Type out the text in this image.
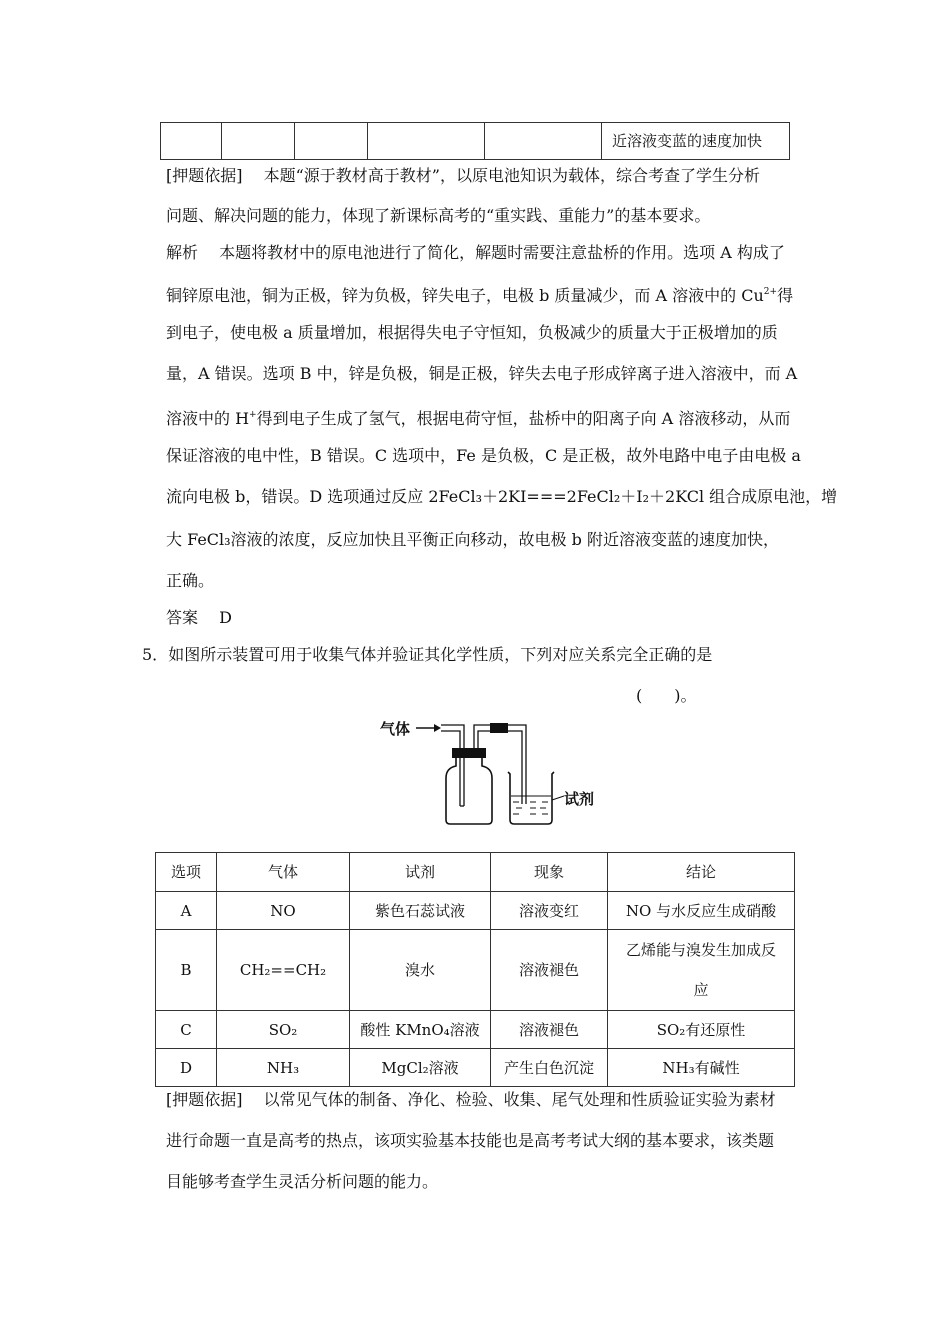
					近溶液变蓝的速度加快
[押题依据] 本题“源于教材高于教材”，以原电池知识为载体，综合考查了学生分析
问题、解决问题的能力，体现了新课标高考的“重实践、重能力”的基本要求。
解析 本题将教材中的原电池进行了简化，解题时需要注意盐桥的作用。选项 A 构成了
铜锌原电池，铜为正极，锌为负极，锌失电子，电极 b 质量减少，而 A 溶液中的 $Cu^{2+}$得
到电子，使电极 a 质量增加，根据得失电子守恒知，负极减少的质量大于正极增加的质
量，A 错误。选项 B 中，锌是负极，铜是正极，锌失去电子形成锌离子进入溶液中，而 A
溶液中的 H+得到电子生成了氢气，根据电荷守恒，盐桥中的阳离子向 A 溶液移动，从而
保证溶液的电中性，B 错误。C 选项中，Fe 是负极，C 是正极，故外电路中电子由电极 a
流向电极 b，错误。D 选项通过反应 2FeCl₃＋2KI===2FeCl₂＋I₂＋2KCl 组合成原电池，增
大 FeCl₃溶液的浓度，反应加快且平衡正向移动，故电极 b 附近溶液变蓝的速度加快，
正确。
答案 D
5．如图所示装置可用于收集气体并验证其化学性质，下列对应关系完全正确的是
(　　)。
气体
试剂
选项	气体	试剂	现象	结论
A	NO	紫色石蕊试液	溶液变红	NO 与水反应生成硝酸
B	CH₂==CH₂	溴水	溶液褪色	乙烯能与溴发生加成反应
C	SO₂	酸性 KMnO₄溶液	溶液褪色	SO₂有还原性
D	NH₃	MgCl₂溶液	产生白色沉淀	NH₃有碱性
[押题依据] 以常见气体的制备、净化、检验、收集、尾气处理和性质验证实验为素材
进行命题一直是高考的热点，该项实验基本技能也是高考考试大纲的基本要求，该类题
目能够考查学生灵活分析问题的能力。
